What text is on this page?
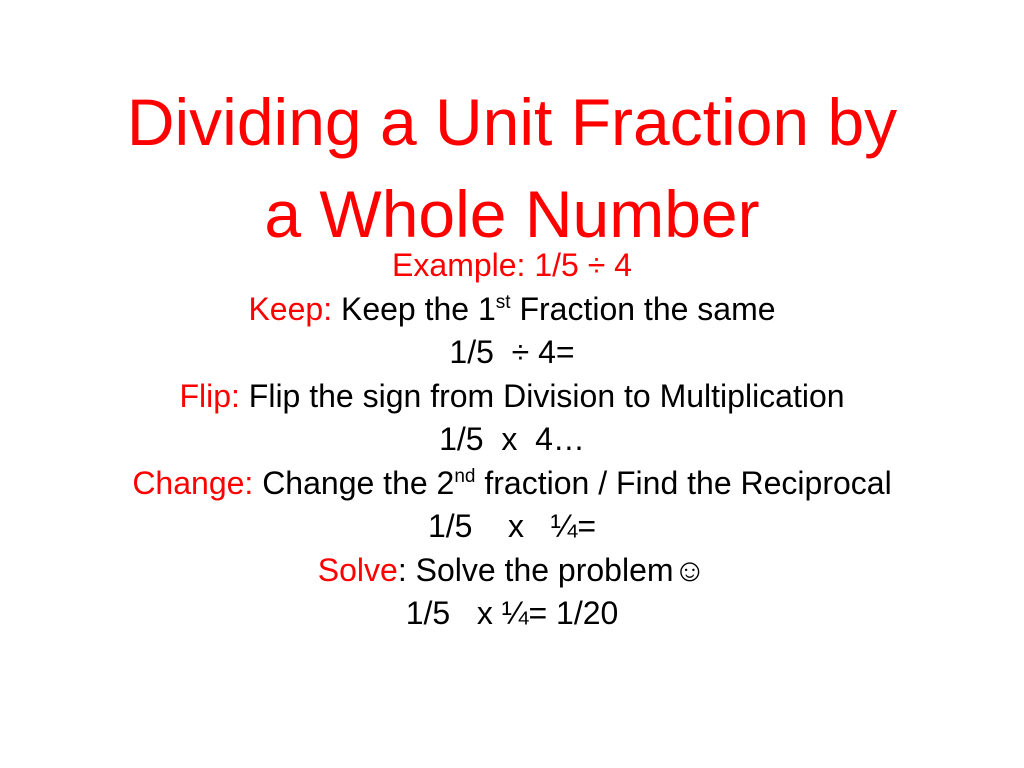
Dividing a Unit Fraction by
a Whole Number
Example: 1/5 ÷ 4
Keep: Keep the 1st Fraction the same
1/5  ÷ 4=
Flip: Flip the sign from Division to Multiplication
1/5  x  4…
Change: Change the 2nd fraction / Find the Reciprocal
1/5    x   ¼=
Solve: Solve the problem☺
1/5   x ¼= 1/20
